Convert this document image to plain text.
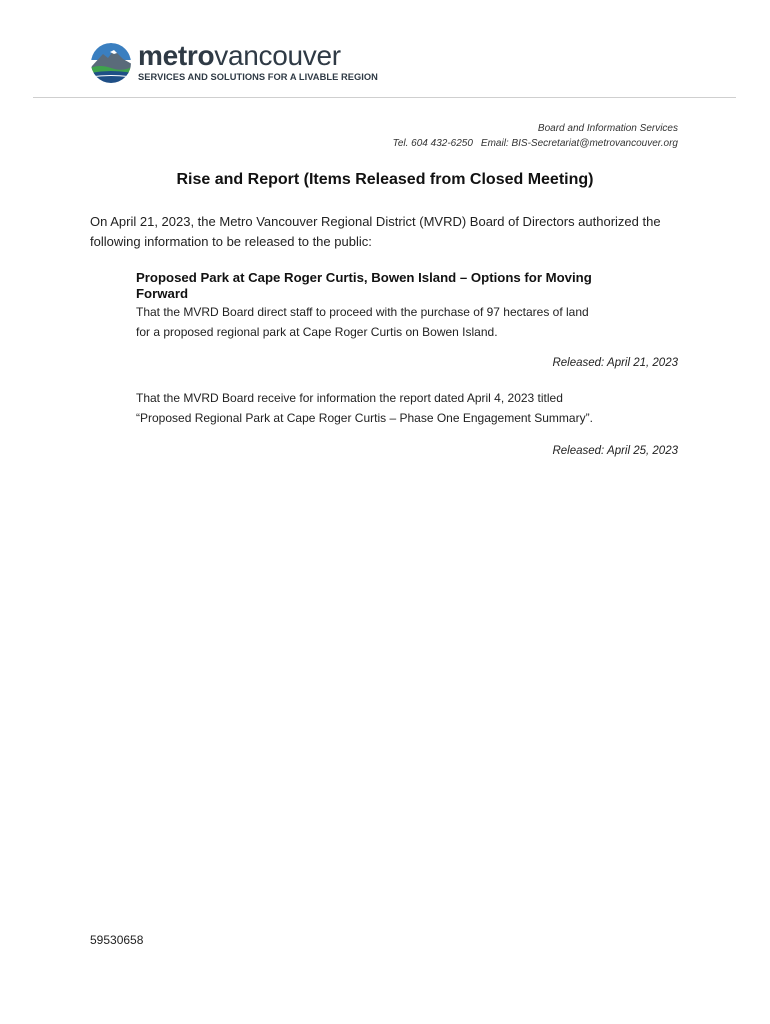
metrovancouver
SERVICES AND SOLUTIONS FOR A LIVABLE REGION
Board and Information Services
Tel. 604 432-6250 Email: BIS-Secretariat@metrovancouver.org
Rise and Report (Items Released from Closed Meeting)
On April 21, 2023, the Metro Vancouver Regional District (MVRD) Board of Directors authorized the
following information to be released to the public:
Proposed Park at Cape Roger Curtis, Bowen Island – Options for Moving
Forward
That the MVRD Board direct staff to proceed with the purchase of 97 hectares of land
for a proposed regional park at Cape Roger Curtis on Bowen Island.
Released: April 21, 2023
That the MVRD Board receive for information the report dated April 4, 2023 titled
“Proposed Regional Park at Cape Roger Curtis – Phase One Engagement Summary”.
Released: April 25, 2023
59530658
